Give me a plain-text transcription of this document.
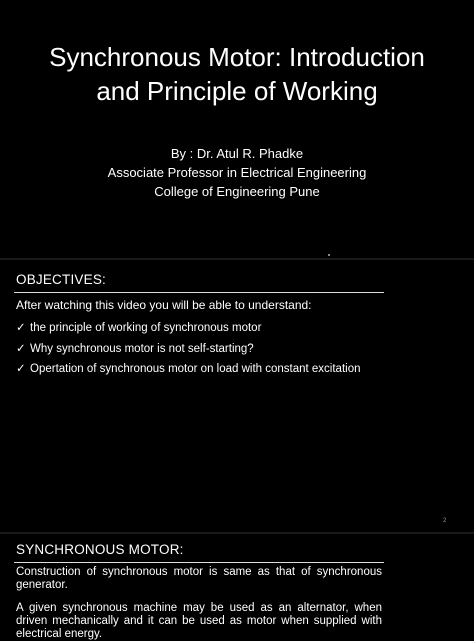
Synchronous Motor: Introduction
and Principle of Working
By : Dr. Atul R. Phadke
Associate Professor in Electrical Engineering
College of Engineering Pune
OBJECTIVES:
After watching this video you will be able to understand:
✓ the principle of working of synchronous motor
✓ Why synchronous motor is not self-starting?
✓ Opertation of synchronous motor on load with constant excitation
2
SYNCHRONOUS MOTOR:
Construction of synchronous motor is same as that of synchronous generator.
A given synchronous machine may be used as an alternator, when driven mechanically and it can be used as motor when supplied with electrical energy.
